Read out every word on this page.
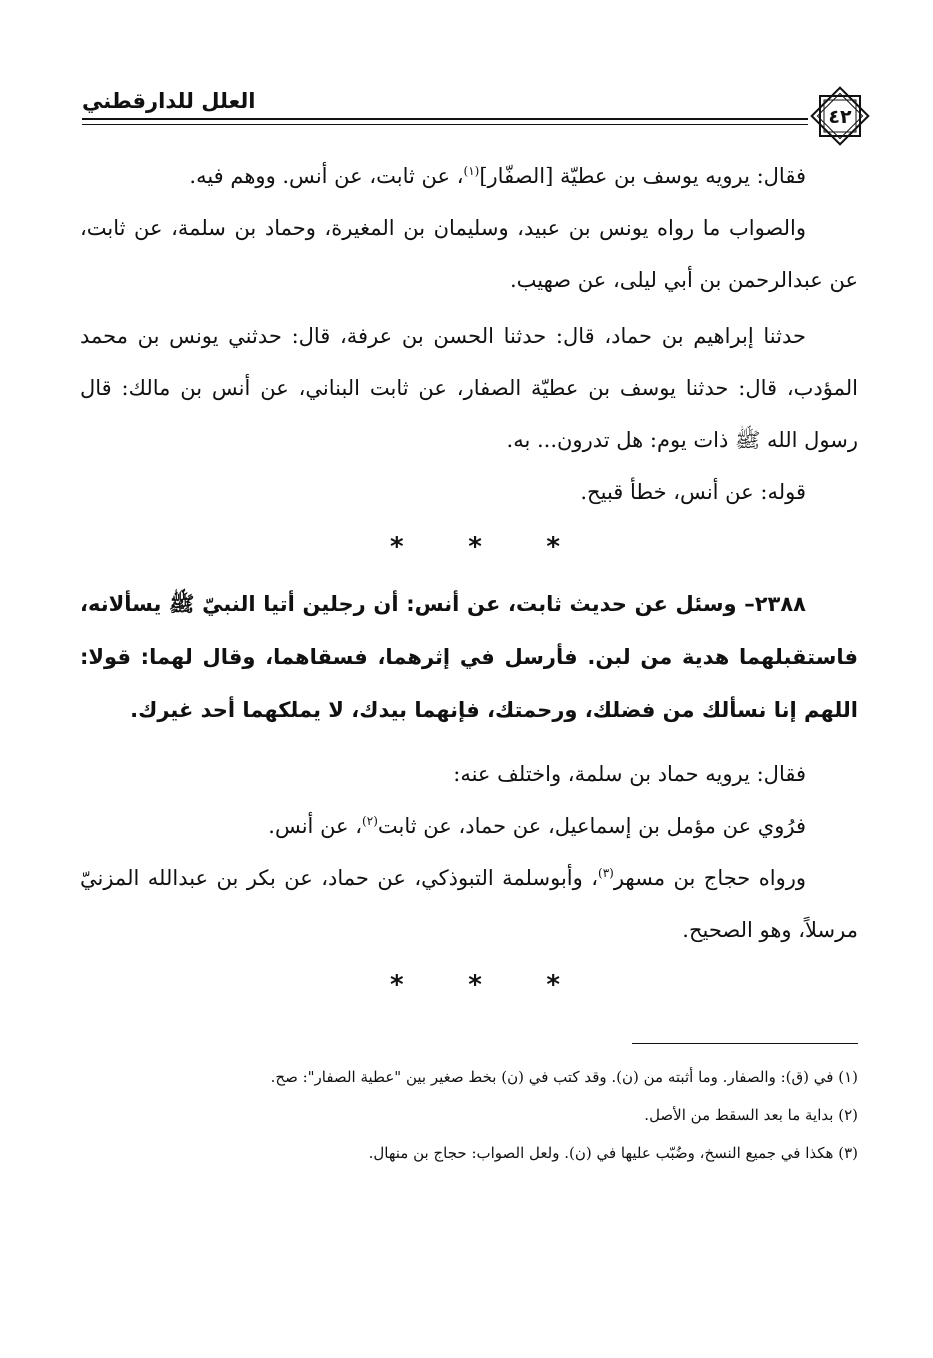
العلل للدارقطني
٤٢

فقال: يرويه يوسف بن عطيّة [الصفّار]$^{(١)}$، عن ثابت، عن أنس. ووهم فيه.

والصواب ما رواه يونس بن عبيد، وسليمان بن المغيرة، وحماد بن سلمة، عن ثابت، عن عبدالرحمن بن أبي ليلى، عن صهيب.

حدثنا إبراهيم بن حماد، قال: حدثنا الحسن بن عرفة، قال: حدثني يونس بن محمد المؤدب، قال: حدثنا يوسف بن عطيّة الصفار، عن ثابت البناني، عن أنس بن مالك: قال رسول الله ﷺ ذات يوم: هل تدرون... به.

قوله: عن أنس، خطأ قبيح.

* * *

٢٣٨٨– وسئل عن حديث ثابت، عن أنس: أن رجلين أتيا النبيّ ﷺ يسألانه، فاستقبلهما هدية من لبن. فأرسل في إثرهما، فسقاهما، وقال لهما: قولا: اللهم إنا نسألك من فضلك، ورحمتك، فإنهما بيدك، لا يملكهما أحد غيرك.

فقال: يرويه حماد بن سلمة، واختلف عنه:

فرُوي عن مؤمل بن إسماعيل، عن حماد، عن ثابت$^{(٢)}$، عن أنس.

ورواه حجاج بن مسهر$^{(٣)}$، وأبوسلمة التبوذكي، عن حماد، عن بكر بن عبدالله المزنيّ مرسلاً، وهو الصحيح.

* * *

(١) في (ق): والصفار. وما أثبته من (ن). وقد كتب في (ن) بخط صغير بين "عطية الصفار": صح.

(٢) بداية ما بعد السقط من الأصل.

(٣) هكذا في جميع النسخ، وضُبّب عليها في (ن). ولعل الصواب: حجاج بن منهال.
